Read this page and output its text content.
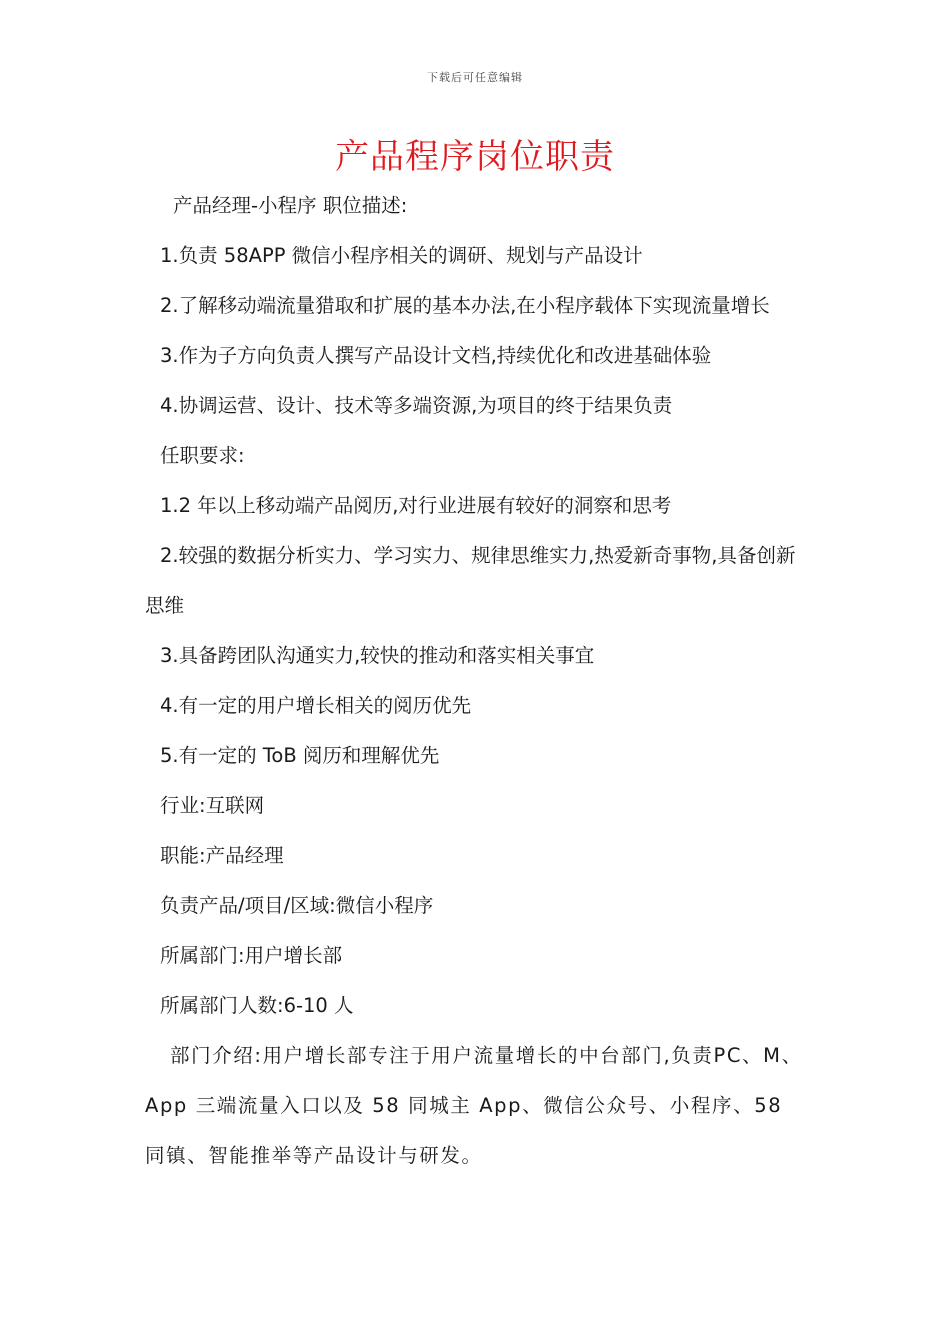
下载后可任意编辑
产品程序岗位职责

产品经理-小程序 职位描述:

1.负责 58APP 微信小程序相关的调研、规划与产品设计

2.了解移动端流量猎取和扩展的基本办法,在小程序载体下实现流量增长

3.作为子方向负责人撰写产品设计文档,持续优化和改进基础体验

4.协调运营、设计、技术等多端资源,为项目的终于结果负责

任职要求:

1.2 年以上移动端产品阅历,对行业进展有较好的洞察和思考

2.较强的数据分析实力、学习实力、规律思维实力,热爱新奇事物,具备创新思维

3.具备跨团队沟通实力,较快的推动和落实相关事宜

4.有一定的用户增长相关的阅历优先

5.有一定的 ToB 阅历和理解优先

行业:互联网

职能:产品经理

负责产品/项目/区域:微信小程序

所属部门:用户增长部

所属部门人数:6-10 人

部门介绍:用户增长部专注于用户流量增长的中台部门,负责PC、M、App 三端流量入口以及 58 同城主 App、微信公众号、小程序、58 同镇、智能推举等产品设计与研发。
